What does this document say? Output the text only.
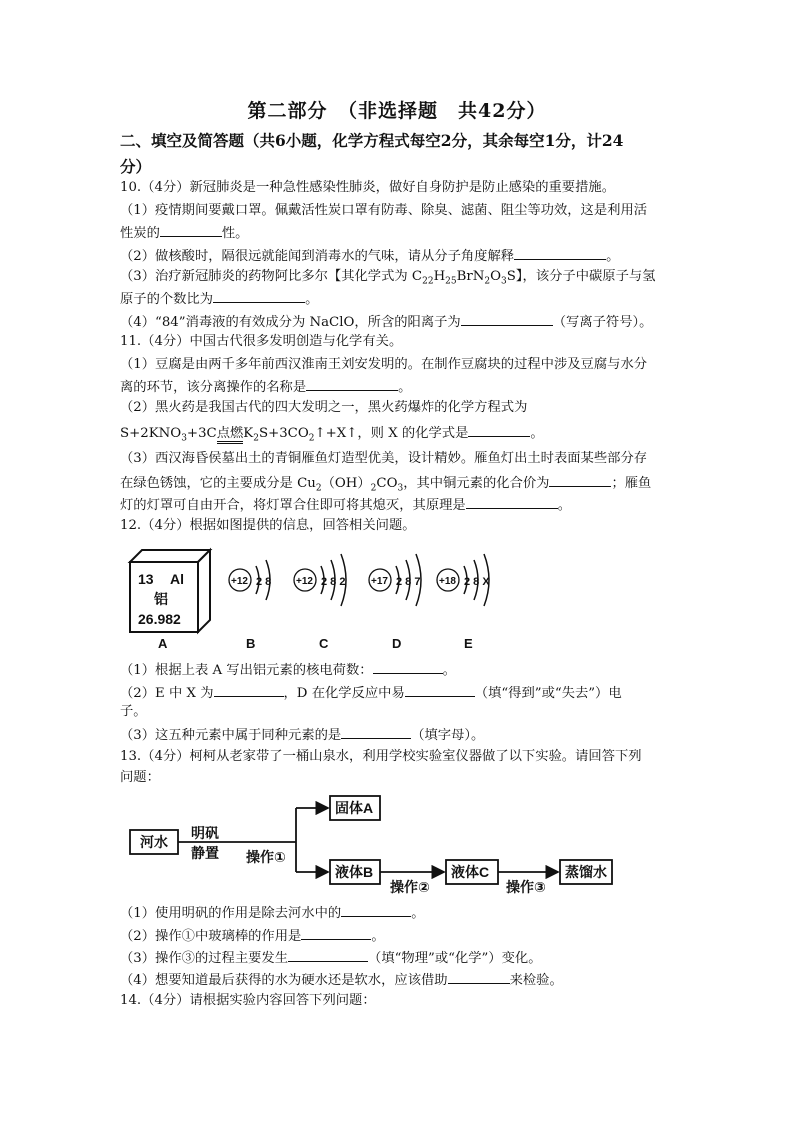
第二部分　（非选择题　共42分）
二、填空及简答题（共6小题，化学方程式每空2分，其余每空1分，计24
分）
10.（4分）新冠肺炎是一种急性感染性肺炎，做好自身防护是防止感染的重要措施。
（1）疫情期间要戴口罩。佩戴活性炭口罩有防毒、除臭、滤菌、阻尘等功效，这是利用活
性炭的	性。
（2）做核酸时，隔很远就能闻到消毒水的气味，请从分子角度解释	。
（3）治疗新冠肺炎的药物阿比多尔【其化学式为 $C_{22}H_{25}BrN_2O_3S$】，该分子中碳原子与氢
原子的个数比为	。
（4）“84”消毒液的有效成分为 NaClO，所含的阳离子为	（写离子符号）。
11.（4分）中国古代很多发明创造与化学有关。
（1）豆腐是由两千多年前西汉淮南王刘安发明的。在制作豆腐块的过程中涉及豆腐与水分
离的环节，该分离操作的名称是	。
（2）黑火药是我国古代的四大发明之一，黑火药爆炸的化学方程式为
$S+2KNO_3+3C$点燃$K_2S+3CO_2↑+X↑$，则 X 的化学式是	。
（3）西汉海昏侯墓出土的青铜雁鱼灯造型优美，设计精妙。雁鱼灯出土时表面某些部分存
在绿色锈蚀，它的主要成分是 $Cu_2(OH)_2CO_3$，其中铜元素的化合价为	；雁鱼
灯的灯罩可自由开合，将灯罩合住即可将其熄灭，其原理是	。
12.（4分）根据如图提供的信息，回答相关问题。
13 Al
铝
26.982
A
+12 2 8
B
+12 2 8 2
C
+17 2 8 7
D
+18 2 8 X
E
（1）根据上表 A 写出铝元素的核电荷数：	。
（2）E 中 X 为	，D 在化学反应中易	（填“得到”或“失去”）电
子。
（3）这五种元素中属于同种元素的是	（填字母）。
13.（4分）柯柯从老家带了一桶山泉水，利用学校实验室仪器做了以下实验。请回答下列
问题：
河水
明矾
静置 操作①
固体A
液体B
操作②
液体C
操作③
蒸馏水
（1）使用明矾的作用是除去河水中的	。
（2）操作①中玻璃棒的作用是	。
（3）操作③的过程主要发生	（填“物理”或“化学”）变化。
（4）想要知道最后获得的水为硬水还是软水，应该借助	来检验。
14.（4分）请根据实验内容回答下列问题：
